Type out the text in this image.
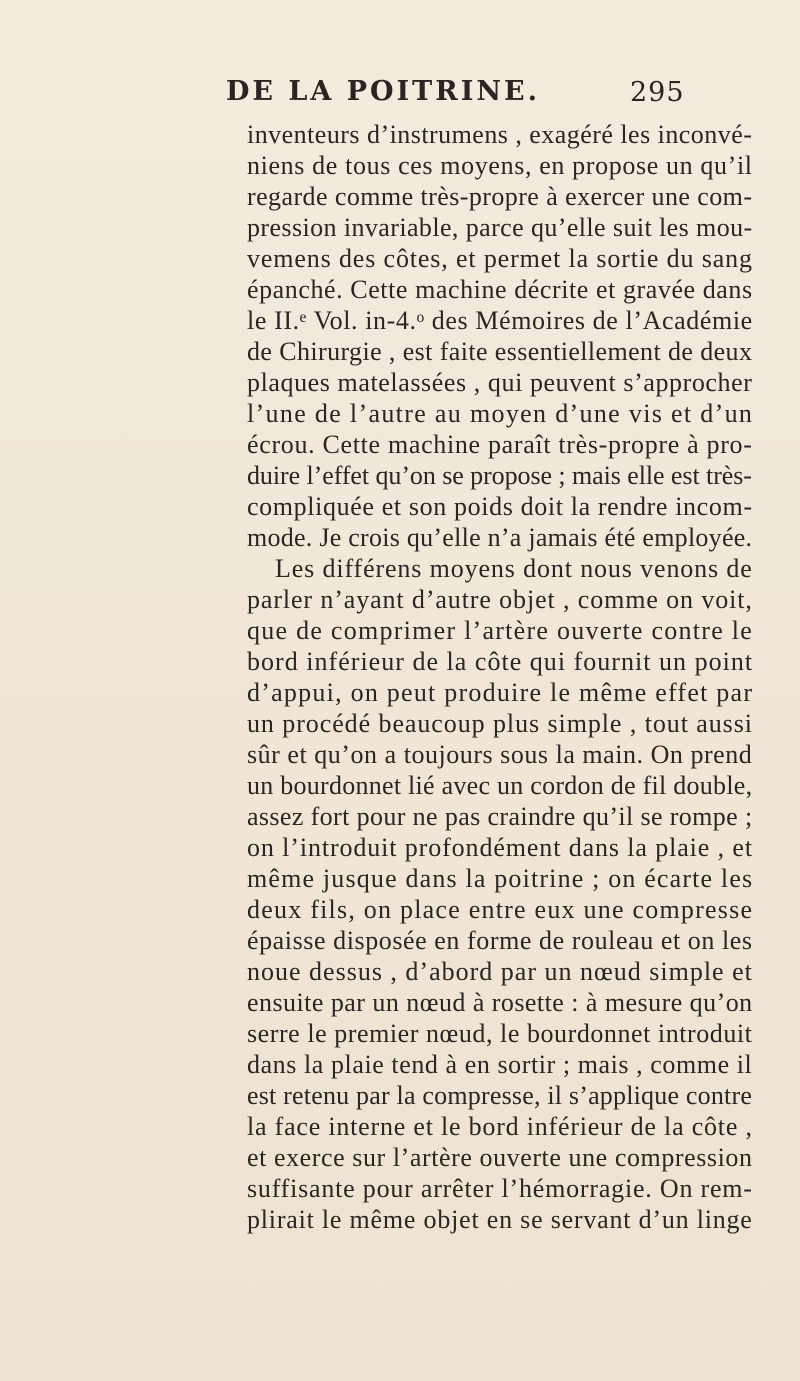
DE LA POITRINE.	295
inventeurs d’instrumens , exagéré les inconvé-
niens de tous ces moyens, en propose un qu’il
regarde comme très-propre à exercer une com-
pression invariable, parce qu’elle suit les mou-
vemens des côtes, et permet la sortie du sang
épanché. Cette machine décrite et gravée dans
le II.ᵉ Vol. in-4.ᵒ des Mémoires de l’Académie
de Chirurgie , est faite essentiellement de deux
plaques matelassées , qui peuvent s’approcher
l’une de l’autre au moyen d’une vis et d’un
écrou. Cette machine paraît très-propre à pro-
duire l’effet qu’on se propose ; mais elle est très-
compliquée et son poids doit la rendre incom-
mode. Je crois qu’elle n’a jamais été employée.
Les différens moyens dont nous venons de
parler n’ayant d’autre objet , comme on voit,
que de comprimer l’artère ouverte contre le
bord inférieur de la côte qui fournit un point
d’appui, on peut produire le même effet par
un procédé beaucoup plus simple , tout aussi
sûr et qu’on a toujours sous la main. On prend
un bourdonnet lié avec un cordon de fil double,
assez fort pour ne pas craindre qu’il se rompe ;
on l’introduit profondément dans la plaie , et
même jusque dans la poitrine ; on écarte les
deux fils, on place entre eux une compresse
épaisse disposée en forme de rouleau et on les
noue dessus , d’abord par un nœud simple et
ensuite par un nœud à rosette : à mesure qu’on
serre le premier nœud, le bourdonnet introduit
dans la plaie tend à en sortir ; mais , comme il
est retenu par la compresse, il s’applique contre
la face interne et le bord inférieur de la côte ,
et exerce sur l’artère ouverte une compression
suffisante pour arrêter l’hémorragie. On rem-
plirait le même objet en se servant d’un linge
